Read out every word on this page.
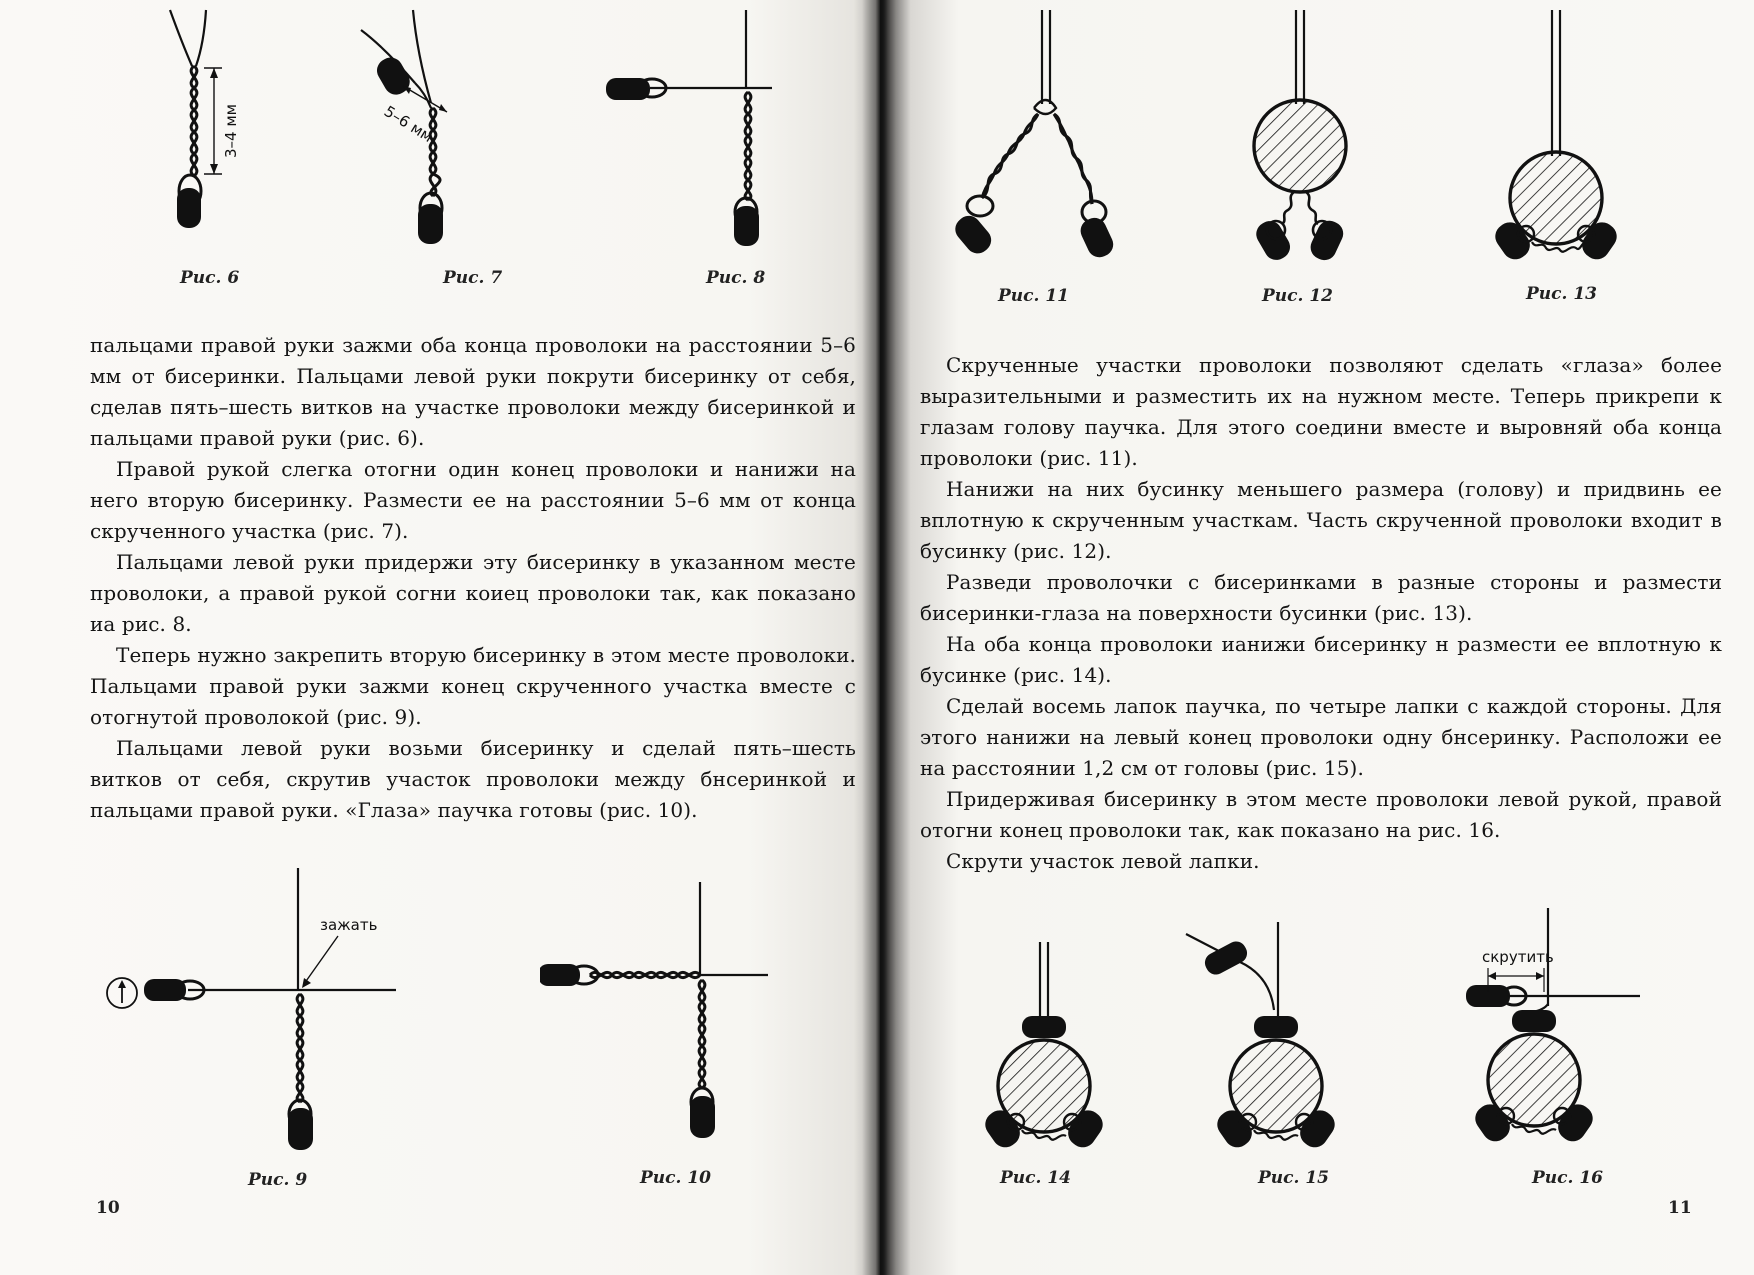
3–4 мм
Рис. 6
5–6 мм
Рис. 7	Рис. 8

пальцами правой руки зажми оба конца проволоки на расстоянии 5–6 мм от бисеринки. Пальцами левой руки покрути бисеринку от себя, сделав пять–шесть витков на участке проволоки между бисеринкой и пальцами правой руки (рис. 6).

Правой рукой слегка отогни один конец проволоки и нанижи на него вторую бисеринку. Размести ее на расстоянии 5–6 мм от конца скрученного участка (рис. 7).

Пальцами левой руки придержи эту бисеринку в указанном месте проволоки, а правой рукой согни коиец проволоки так, как показано иа рис. 8.

Теперь нужно закрепить вторую бисеринку в этом месте проволоки. Пальцами правой руки зажми конец скрученного участка вместе с отогнутой проволокой (рис. 9).

Пальцами левой руки возьми бисеринку и сделай пять–шесть витков от себя, скрутив участок проволоки между бнсеринкой и пальцами правой руки. «Глаза» паучка готовы (рис. 10).

зажать
Рис. 9	Рис. 10
10
Рис. 11	Рис. 12	Рис. 13

Скрученные участки проволоки позволяют сделать «глаза» более выразительными и разместить их на нужном месте. Теперь прикрепи к глазам голову паучка. Для этого соедини вместе и выровняй оба конца проволоки (рис. 11).

Нанижи на них бусинку меньшего размера (голову) и придвинь ее вплотную к скрученным участкам. Часть скрученной проволоки входит в бусинку (рис. 12).

Разведи проволочки с бисеринками в разные стороны и размести бисеринки-глаза на поверхности бусинки (рис. 13).

На оба конца проволоки ианижи бисеринку н размести ее вплотную к бусинке (рис. 14).

Сделай восемь лапок паучка, по четыре лапки с каждой стороны. Для этого нанижи на левый конец проволоки одну бнсеринку. Расположи ее на расстоянии 1,2 см от головы (рис. 15).

Придерживая бисеринку в этом месте проволоки левой рукой, правой отогни конец проволоки так, как показано на рис. 16.

Скрути участок левой лапки.

Рис. 14	Рис. 15
скрутить
Рис. 16
11
